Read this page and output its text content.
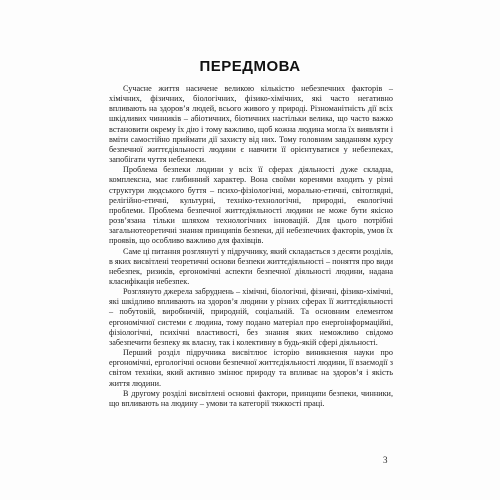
ПЕРЕДМОВА

Сучасне життя насичене великою кількістю небезпечних факторів – хімічних, фізичних, біологічних, фізико-хімічних, які часто негативно впливають на здоров’я людей, всього живого у природі. Різноманітність дії всіх шкідливих чинників – абіотичних, біотичних настільки велика, що часто важко встановити окрему їх дію і тому важливо, щоб кожна людина могла їх виявляти і вміти самостійно приймати дії захисту від них. Тому головним завданням курсу безпечної життєдіяльності людини є навчити її орієнтуватися у небезпеках, запобігати чуття небезпеки.

Проблема безпеки людини у всіх її сферах діяльності дуже складна, комплексна, має глибинний характер. Вона своїми коренями входить у різні структури людського буття – психо-фізіологічні, морально-етичні, світоглядні, релігійно-етичні, культурні, техніко-технологічні, природні, екологічні проблеми. Проблема безпечної життєдіяльності людини не може бути якісно розв’язана тільки шляхом технологічних інновацій. Для цього потрібні загальнотеоретичні знання принципів безпеки, дії небезпечних факторів, умов їх проявів, що особливо важливо для фахівців.

Саме ці питання розглянуті у підручнику, який складається з десяти розділів, в яких висвітлені теоретичні основи безпеки життєдіяльності – поняття про види небезпек, ризиків, ергономічні аспекти безпечної діяльності людини, надана класифікація небезпек.

Розглянуто джерела забруднень – хімічні, біологічні, фізичні, фізико-хімічні, які шкідливо впливають на здоров’я людини у різних сферах її життєдіяльності – побутовій, виробничій, природній, соціальній. Та основним елементом ергономічної системи є людина, тому подано матеріал про енергоінформаційні, фізіологічні, психічні властивості, без знання яких неможливо свідомо забезпечити безпеку як власну, так і колективну в будь-якій сфері діяльності.

Перший розділ підручника висвітлює історію виникнення науки про ергономічні, ергологічні основи безпечної життєдіяльності людини, її взаємодії з світом техніки, який активно змінює природу та впливає на здоров’я і якість життя людини.

В другому розділі висвітлені основні фактори, принципи безпеки, чинники, що впливають на людину – умови та категорії тяжкості праці.

3
